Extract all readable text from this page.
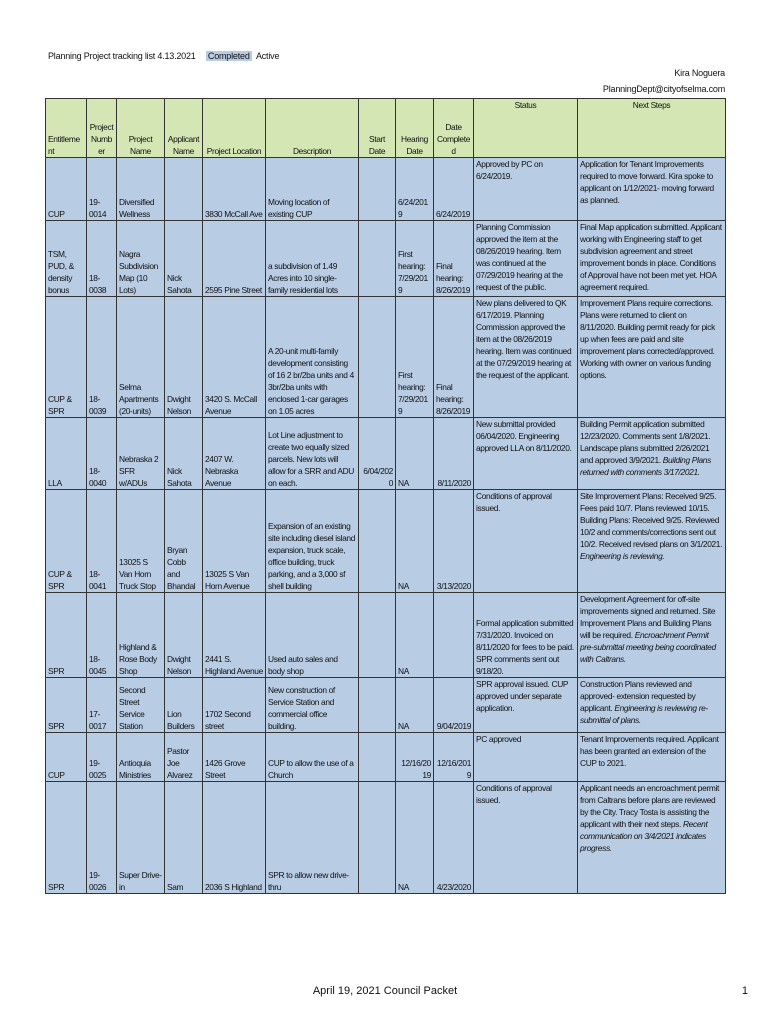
Planning Project tracking list 4.13.2021 Completed Active
Kira Noguera
PlanningDept@cityofselma.com
Entitlement	Project Number	Project Name	Applicant Name	Project Location	Description	Start Date	Hearing Date	Date Completed	Status	Next Steps
CUP	19-0014	Diversified Wellness		3830 McCall Ave	Moving location of existing CUP		6/24/2019	6/24/2019	Approved by PC on 6/24/2019.	Application for Tenant Improvements required to move forward. Kira spoke to applicant on 1/12/2021- moving forward as planned.
TSM, PUD, & density bonus	18-0038	Nagra Subdivision Map (10 Lots)	Nick Sahota	2595 Pine Street	a subdivision of 1.49 Acres into 10 single-family residential lots		First hearing: 7/29/2019	Final hearing: 8/26/2019	Planning Commission approved the item at the 08/26/2019 hearing. Item was continued at the 07/29/2019 hearing at the request of the public.	Final Map application submitted. Applicant working with Engineering staff to get subdivision agreement and street improvement bonds in place. Conditions of Approval have not been met yet. HOA agreement required.
CUP & SPR	18-0039	Selma Apartments (20-units)	Dwight Nelson	3420 S. McCall Avenue	A 20-unit multi-family development consisting of 16 2 br/2ba units and 4 3br/2ba units with enclosed 1-car garages on 1.05 acres		First hearing: 7/29/2019	Final hearing: 8/26/2019	New plans delivered to QK 6/17/2019. Planning Commission approved the item at the 08/26/2019 hearing. Item was continued at the 07/29/2019 hearing at the request of the applicant.	Improvement Plans require corrections. Plans were returned to client on 8/11/2020. Building permit ready for pick up when fees are paid and site improvement plans corrected/approved. Working with owner on various funding options.
LLA	18-0040	Nebraska 2 SFR w/ADUs	Nick Sahota	2407 W. Nebraska Avenue	Lot Line adjustment to create two equally sized parcels. New lots will allow for a SRR and ADU on each.	6/04/2020	NA	8/11/2020	New submittal provided 06/04/2020. Engineering approved LLA on 8/11/2020.	Building Permit application submitted 12/23/2020. Comments sent 1/8/2021. Landscape plans submitted 2/26/2021 and approved 3/9/2021. Building Plans returned with comments 3/17/2021.
CUP & SPR	18-0041	13025 S Van Horn Truck Stop	Bryan Cobb and Bhandal	13025 S Van Horn Avenue	Expansion of an existing site including diesel island expansion, truck scale, office building, truck parking, and a 3,000 sf shell building		NA	3/13/2020	Conditions of approval issued.	Site Improvement Plans: Received 9/25. Fees paid 10/7. Plans reviewed 10/15. Building Plans: Received 9/25. Reviewed 10/2 and comments/corrections sent out 10/2. Received revised plans on 3/1/2021. Engineering is reviewing.
SPR	18-0045	Highland & Rose Body Shop	Dwight Nelson	2441 S. Highland Avenue	Used auto sales and body shop		NA		Formal application submitted 7/31/2020. Invoiced on 8/11/2020 for fees to be paid. SPR comments sent out 9/18/20.	Development Agreement for off-site improvements signed and returned. Site Improvement Plans and Building Plans will be required. Encroachment Permit pre-submittal meeting being coordinated with Caltrans.
SPR	17-0017	Second Street Service Station	Lion Builders	1702 Second street	New construction of Service Station and commercial office building.		NA	9/04/2019	SPR approval issued. CUP approved under separate application.	Construction Plans reviewed and approved- extension requested by applicant. Engineering is reviewing re-submittal of plans.
CUP	19-0025	Antioquia Ministries	Pastor Joe Alvarez	1426 Grove Street	CUP to allow the use of a Church		12/16/2019	12/16/2019	PC approved	Tenant Improvements required. Applicant has been granted an extension of the CUP to 2021.
SPR	19-0026	Super Drive-in	Sam	2036 S Highland	SPR to allow new drive-thru		NA	4/23/2020	Conditions of approval issued.	Applicant needs an encroachment permit from Caltrans before plans are reviewed by the City. Tracy Tosta is assisting the applicant with their next steps. Recent communication on 3/4/2021 indicates progress.
April 19, 2021 Council Packet	1
